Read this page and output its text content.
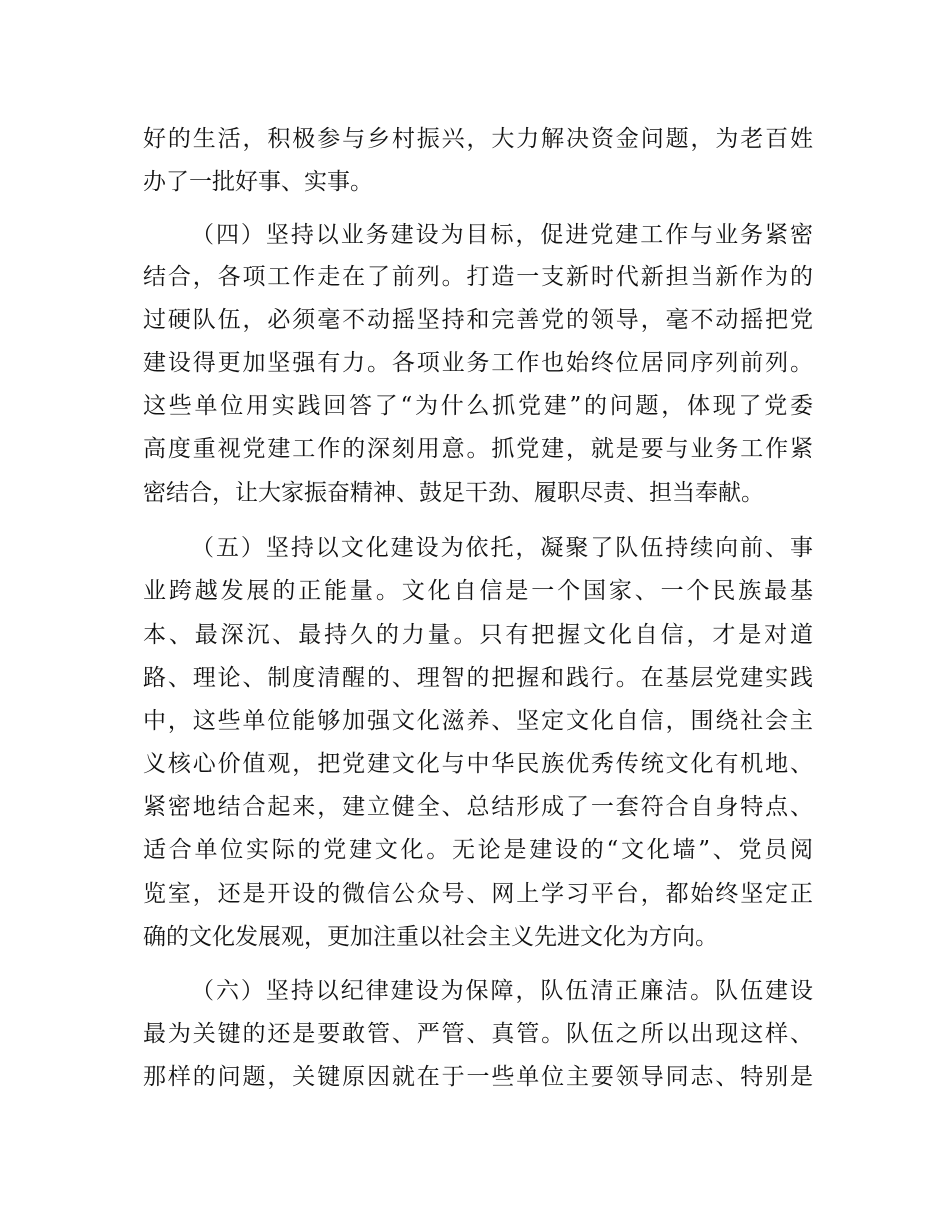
好的生活，积极参与乡村振兴，大力解决资金问题，为老百姓
办了一批好事、实事。
（四）坚持以业务建设为目标，促进党建工作与业务紧密
结合，各项工作走在了前列。打造一支新时代新担当新作为的
过硬队伍，必须毫不动摇坚持和完善党的领导，毫不动摇把党
建设得更加坚强有力。各项业务工作也始终位居同序列前列。
这些单位用实践回答了“为什么抓党建”的问题，体现了党委
高度重视党建工作的深刻用意。抓党建，就是要与业务工作紧
密结合，让大家振奋精神、鼓足干劲、履职尽责、担当奉献。
（五）坚持以文化建设为依托，凝聚了队伍持续向前、事
业跨越发展的正能量。文化自信是一个国家、一个民族最基
本、最深沉、最持久的力量。只有把握文化自信，才是对道
路、理论、制度清醒的、理智的把握和践行。在基层党建实践
中，这些单位能够加强文化滋养、坚定文化自信，围绕社会主
义核心价值观，把党建文化与中华民族优秀传统文化有机地、
紧密地结合起来，建立健全、总结形成了一套符合自身特点、
适合单位实际的党建文化。无论是建设的“文化墙”、党员阅
览室，还是开设的微信公众号、网上学习平台，都始终坚定正
确的文化发展观，更加注重以社会主义先进文化为方向。
（六）坚持以纪律建设为保障，队伍清正廉洁。队伍建设
最为关键的还是要敢管、严管、真管。队伍之所以出现这样、
那样的问题，关键原因就在于一些单位主要领导同志、特别是
